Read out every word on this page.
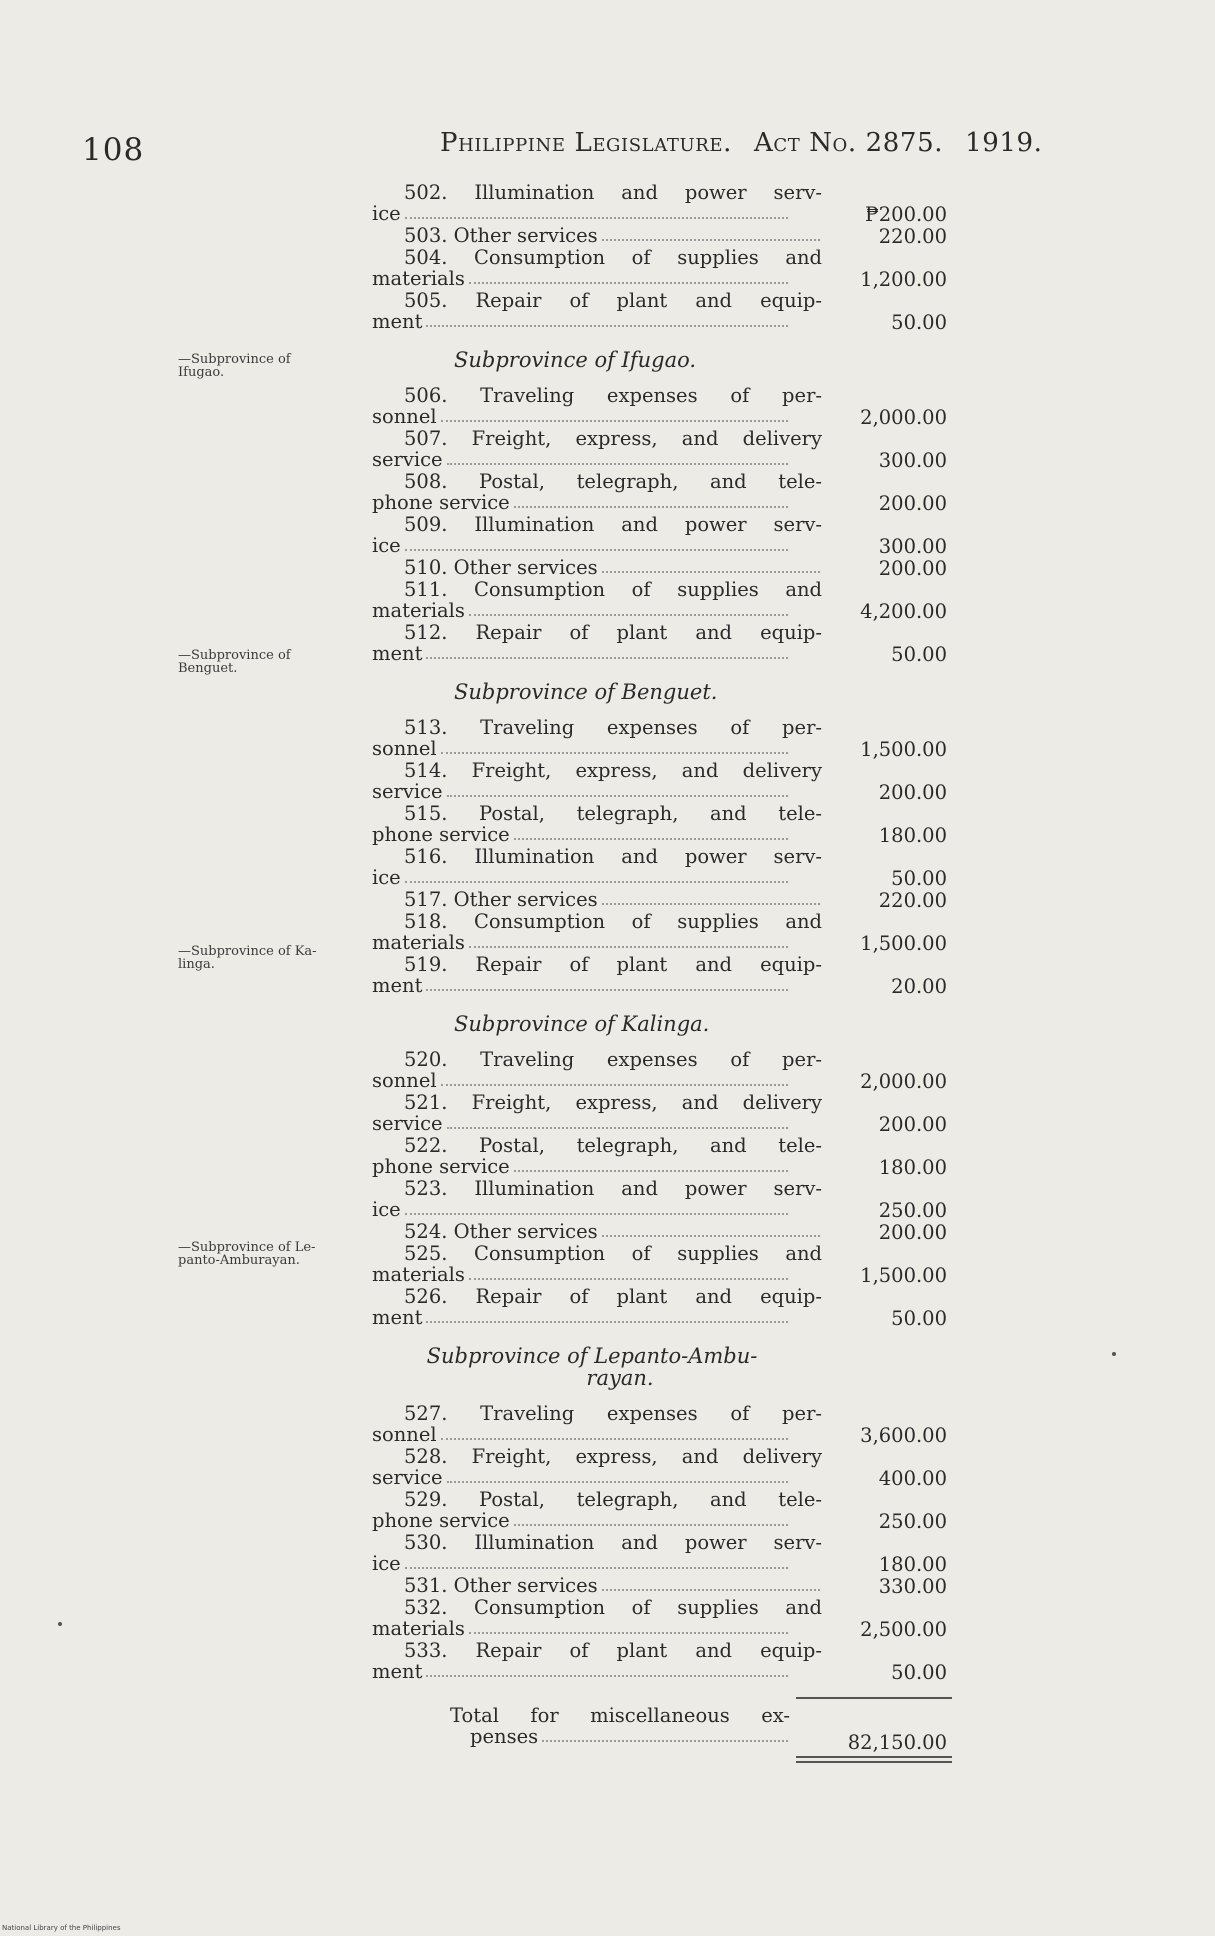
108	Philippine Legislature. Act No. 2875. 1919.
502. Illumination and power serv-
ice	₱200.00
503. Other services	220.00
504. Consumption of supplies and
materials	1,200.00
505. Repair of plant and equip-
ment	50.00
Subprovince of Ifugao.
506. Traveling expenses of per-
sonnel	2,000.00
507. Freight, express, and delivery
service	300.00
508. Postal, telegraph, and tele-
phone service	200.00
509. Illumination and power serv-
ice	300.00
510. Other services	200.00
511. Consumption of supplies and
materials	4,200.00
512. Repair of plant and equip-
ment	50.00
Subprovince of Benguet.
513. Traveling expenses of per-
sonnel	1,500.00
514. Freight, express, and delivery
service	200.00
515. Postal, telegraph, and tele-
phone service	180.00
516. Illumination and power serv-
ice	50.00
517. Other services	220.00
518. Consumption of supplies and
materials	1,500.00
519. Repair of plant and equip-
ment	20.00
Subprovince of Kalinga.
520. Traveling expenses of per-
sonnel	2,000.00
521. Freight, express, and delivery
service	200.00
522. Postal, telegraph, and tele-
phone service	180.00
523. Illumination and power serv-
ice	250.00
524. Other services	200.00
525. Consumption of supplies and
materials	1,500.00
526. Repair of plant and equip-
ment	50.00
Subprovince of Lepanto-Ambu-
rayan.
527. Traveling expenses of per-
sonnel	3,600.00
528. Freight, express, and delivery
service	400.00
529. Postal, telegraph, and tele-
phone service	250.00
530. Illumination and power serv-
ice	180.00
531. Other services	330.00
532. Consumption of supplies and
materials	2,500.00
533. Repair of plant and equip-
ment	50.00
Total for miscellaneous ex-
penses	82,150.00
National Library of the Philippines
—Subprovince of
Ifugao.
—Subprovince of
Benguet.
—Subprovince of Ka-
linga.
—Subprovince of Le-
panto-Amburayan.
